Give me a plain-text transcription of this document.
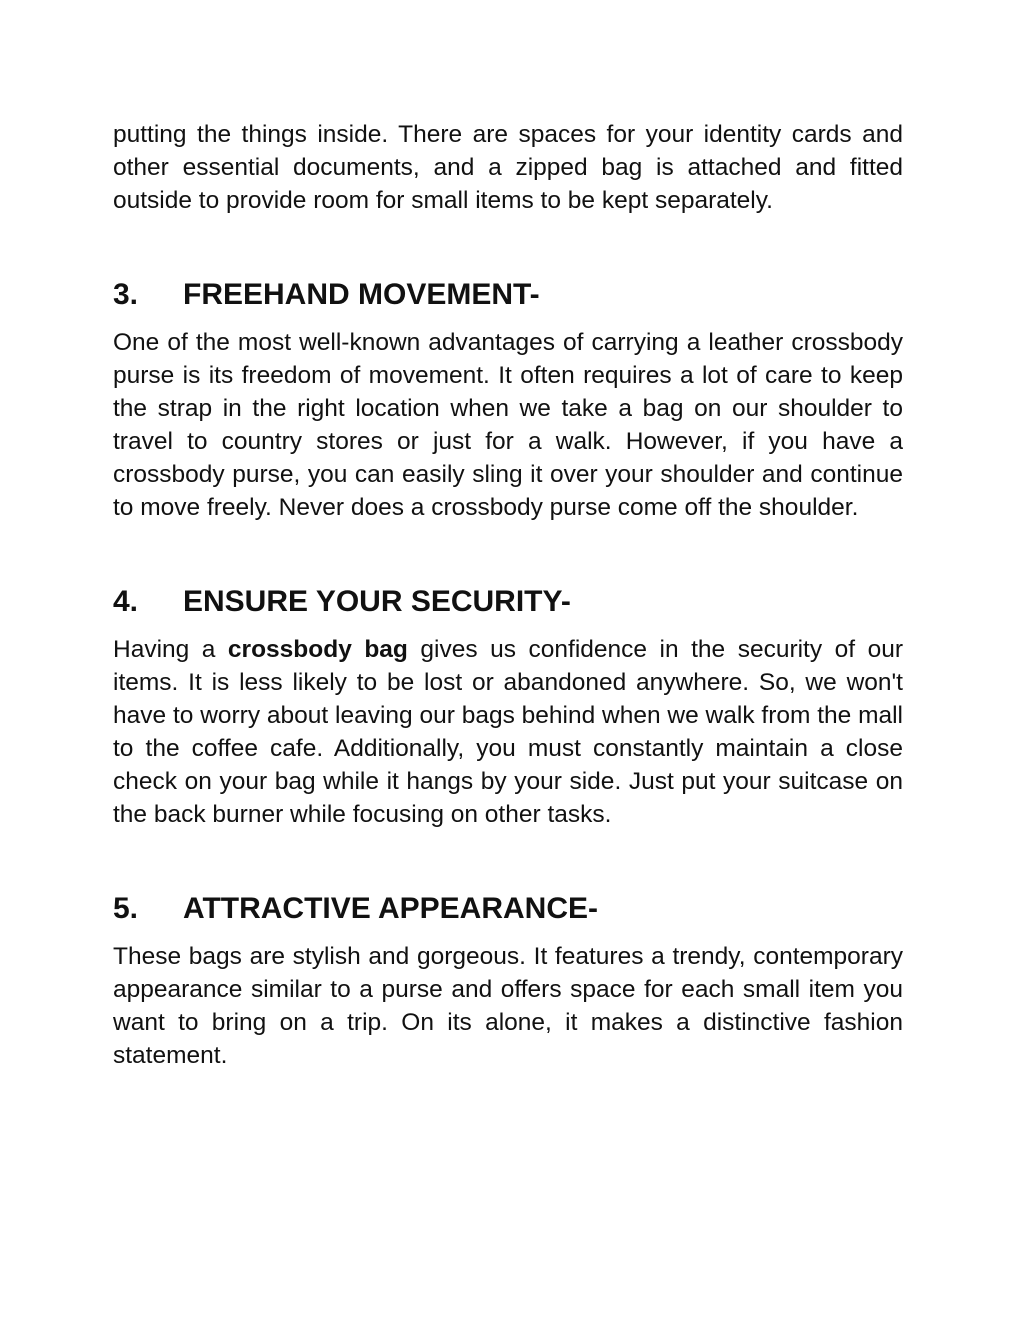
putting the things inside. There are spaces for your identity cards and other essential documents, and a zipped bag is attached and fitted outside to provide room for small items to be kept separately.

3.	FREEHAND MOVEMENT-

One of the most well-known advantages of carrying a leather crossbody purse is its freedom of movement. It often requires a lot of care to keep the strap in the right location when we take a bag on our shoulder to travel to country stores or just for a walk. However, if you have a crossbody purse, you can easily sling it over your shoulder and continue to move freely. Never does a crossbody purse come off the shoulder.

4.	ENSURE YOUR SECURITY-

Having a crossbody bag gives us confidence in the security of our items. It is less likely to be lost or abandoned anywhere. So, we won't have to worry about leaving our bags behind when we walk from the mall to the coffee cafe. Additionally, you must constantly maintain a close check on your bag while it hangs by your side. Just put your suitcase on the back burner while focusing on other tasks.

5.	ATTRACTIVE APPEARANCE-

These bags are stylish and gorgeous. It features a trendy, contemporary appearance similar to a purse and offers space for each small item you want to bring on a trip. On its alone, it makes a distinctive fashion statement.
